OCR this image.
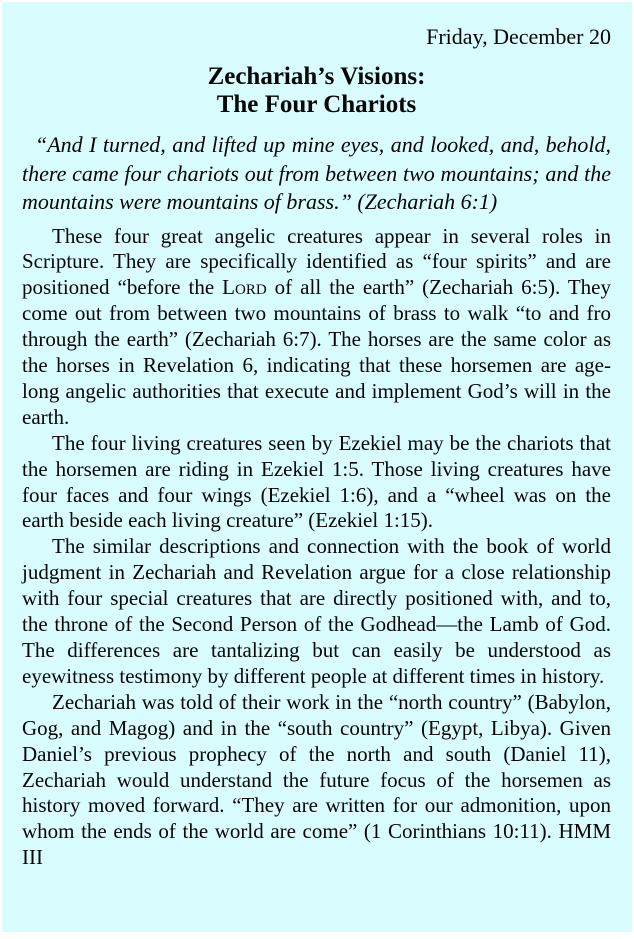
Friday, December 20
Zechariah’s Visions:
The Four Chariots

“And I turned, and lifted up mine eyes, and looked, and, behold, there came four chariots out from between two mountains; and the mountains were mountains of brass.” (Zechariah 6:1)

These four great angelic creatures appear in several roles in Scripture. They are specifically identified as “four spirits” and are positioned “before the Lord of all the earth” (Zechariah 6:5). They come out from between two mountains of brass to walk “to and fro through the earth” (Zechariah 6:7). The horses are the same color as the horses in Revelation 6, indicating that these horsemen are age-long angelic authorities that execute and implement God’s will in the earth.

The four living creatures seen by Ezekiel may be the chariots that the horsemen are riding in Ezekiel 1:5. Those living creatures have four faces and four wings (Ezekiel 1:6), and a “wheel was on the earth beside each living creature” (Ezekiel 1:15).

The similar descriptions and connection with the book of world judgment in Zechariah and Revelation argue for a close relationship with four special creatures that are directly positioned with, and to, the throne of the Second Person of the Godhead—the Lamb of God. The differences are tantalizing but can easily be understood as eyewitness testimony by different people at different times in history.

Zechariah was told of their work in the “north country” (Babylon, Gog, and Magog) and in the “south country” (Egypt, Libya). Given Daniel’s previous prophecy of the north and south (Daniel 11), Zechariah would understand the future focus of the horsemen as history moved forward. “They are written for our admonition, upon whom the ends of the world are come” (1 Corinthians 10:11). HMM III
